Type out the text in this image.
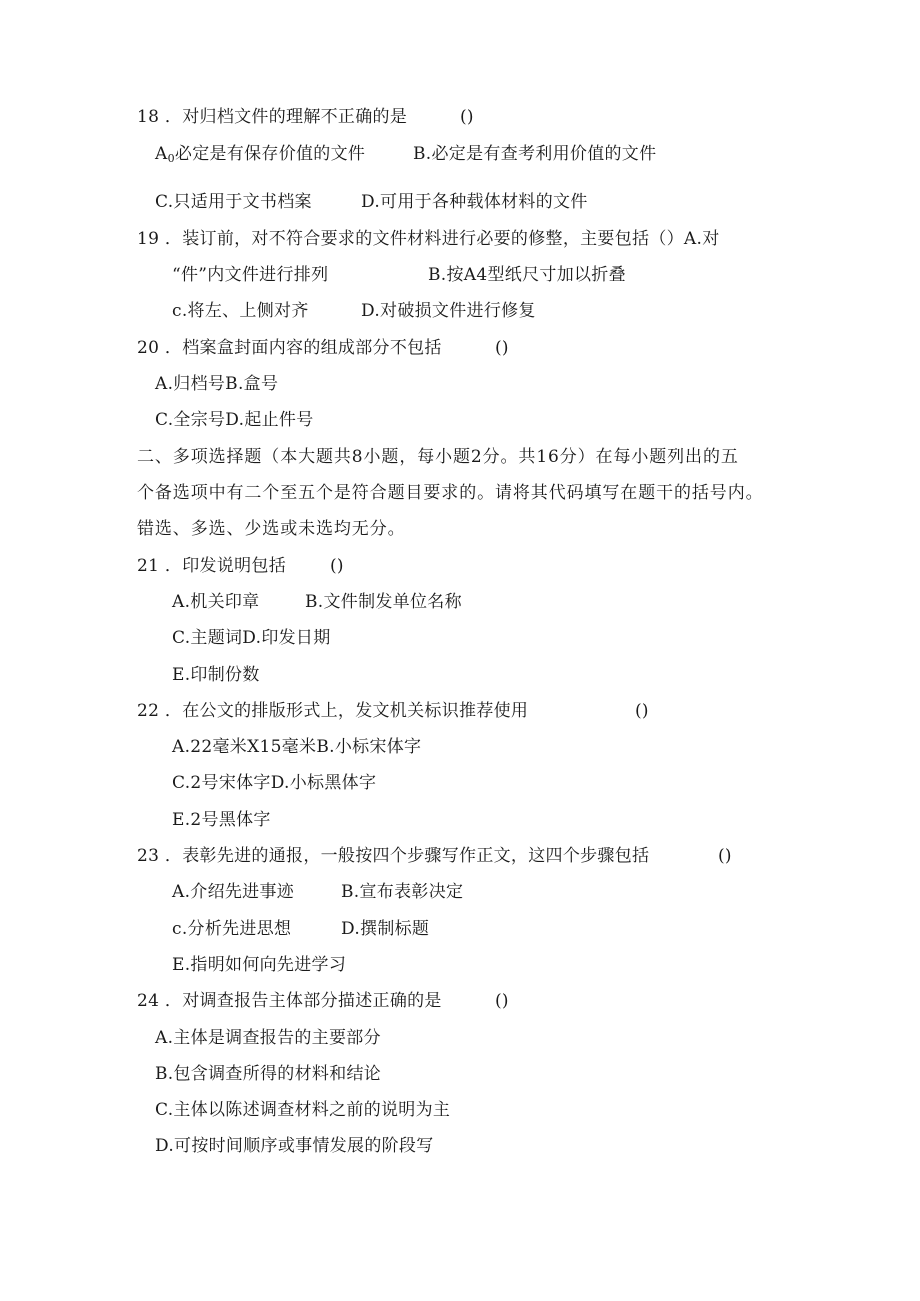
18 ．对归档文件的理解不正确的是	()
$A_0$必定是有保存价值的文件	B.必定是有查考利用价值的文件
C.只适用于文书档案	D.可用于各种载体材料的文件
19 ．装订前，对不符合要求的文件材料进行必要的修整，主要包括（）A.对
“件”内文件进行排列	B.按A4型纸尺寸加以折叠
c.将左、上侧对齐	D.对破损文件进行修复
20 ．档案盒封面内容的组成部分不包括	()
A.归档号B.盒号
C.全宗号D.起止件号
二、多项选择题（本大题共8小题，每小题2分。共16分）在每小题列出的五
个备选项中有二个至五个是符合题目要求的。请将其代码填写在题干的括号内。
错选、多选、少选或未选均无分。
21 ．印发说明包括	()
A.机关印章	B.文件制发单位名称
C.主题词D.印发日期
E.印制份数
22 ．在公文的排版形式上，发文机关标识推荐使用	()
A.22毫米X15毫米B.小标宋体字
C.2号宋体字D.小标黑体字
E.2号黑体字
23 ．表彰先进的通报，一般按四个步骤写作正文，这四个步骤包括	()
A.介绍先进事迹	B.宣布表彰决定
c.分析先进思想	D.撰制标题
E.指明如何向先进学习
24 ．对调查报告主体部分描述正确的是	()
A.主体是调查报告的主要部分
B.包含调查所得的材料和结论
C.主体以陈述调查材料之前的说明为主
D.可按时间顺序或事情发展的阶段写
